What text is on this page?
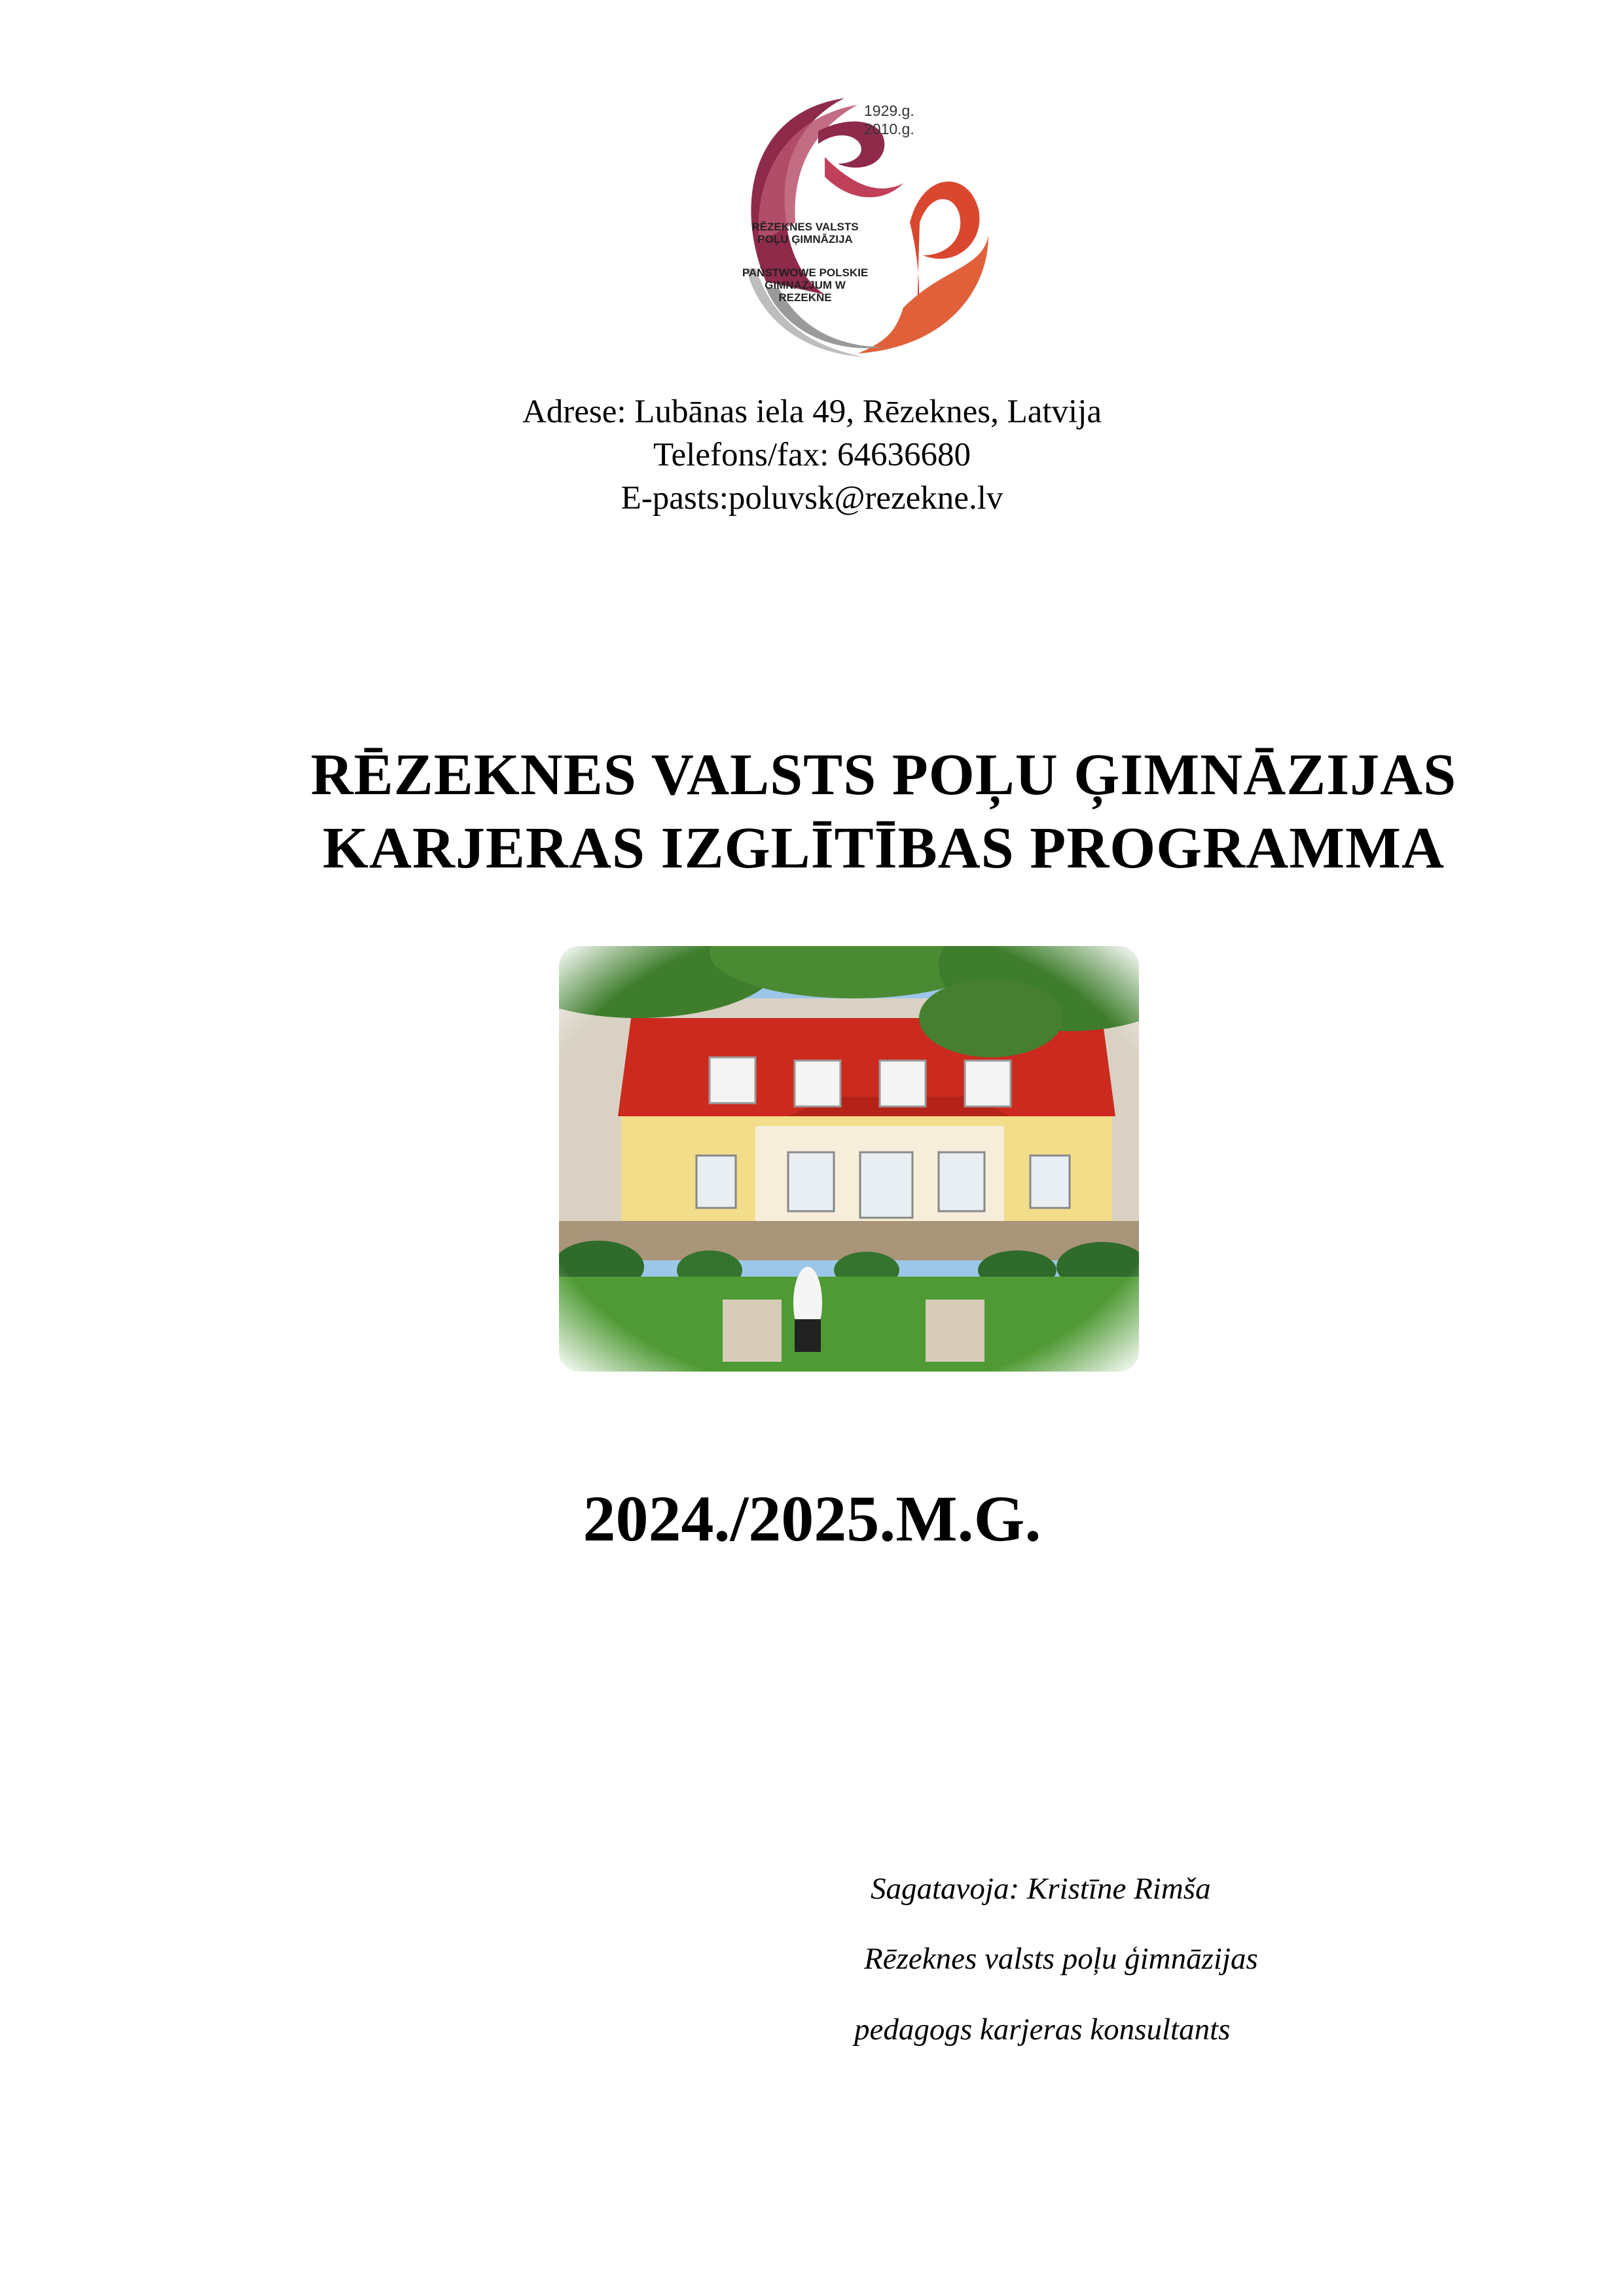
1929.g.
2010.g.
RĒZEKNES VALSTS
POĻU ĢIMNĀZIJA
PAŃSTWOWE POLSKIE
GIMNAZJUM W
REZEKNE
Adrese: Lubānas iela 49, Rēzeknes, Latvija
Telefons/fax: 64636680
E-pasts:poluvsk@rezekne.lv
RĒZEKNES VALSTS POĻU ĢIMNĀZIJAS
KARJERAS IZGLĪTĪBAS PROGRAMMA
2024./2025.M.G.
Sagatavoja: Kristīne Rimša
Rēzeknes valsts poļu ģimnāzijas
pedagogs karjeras konsultants
